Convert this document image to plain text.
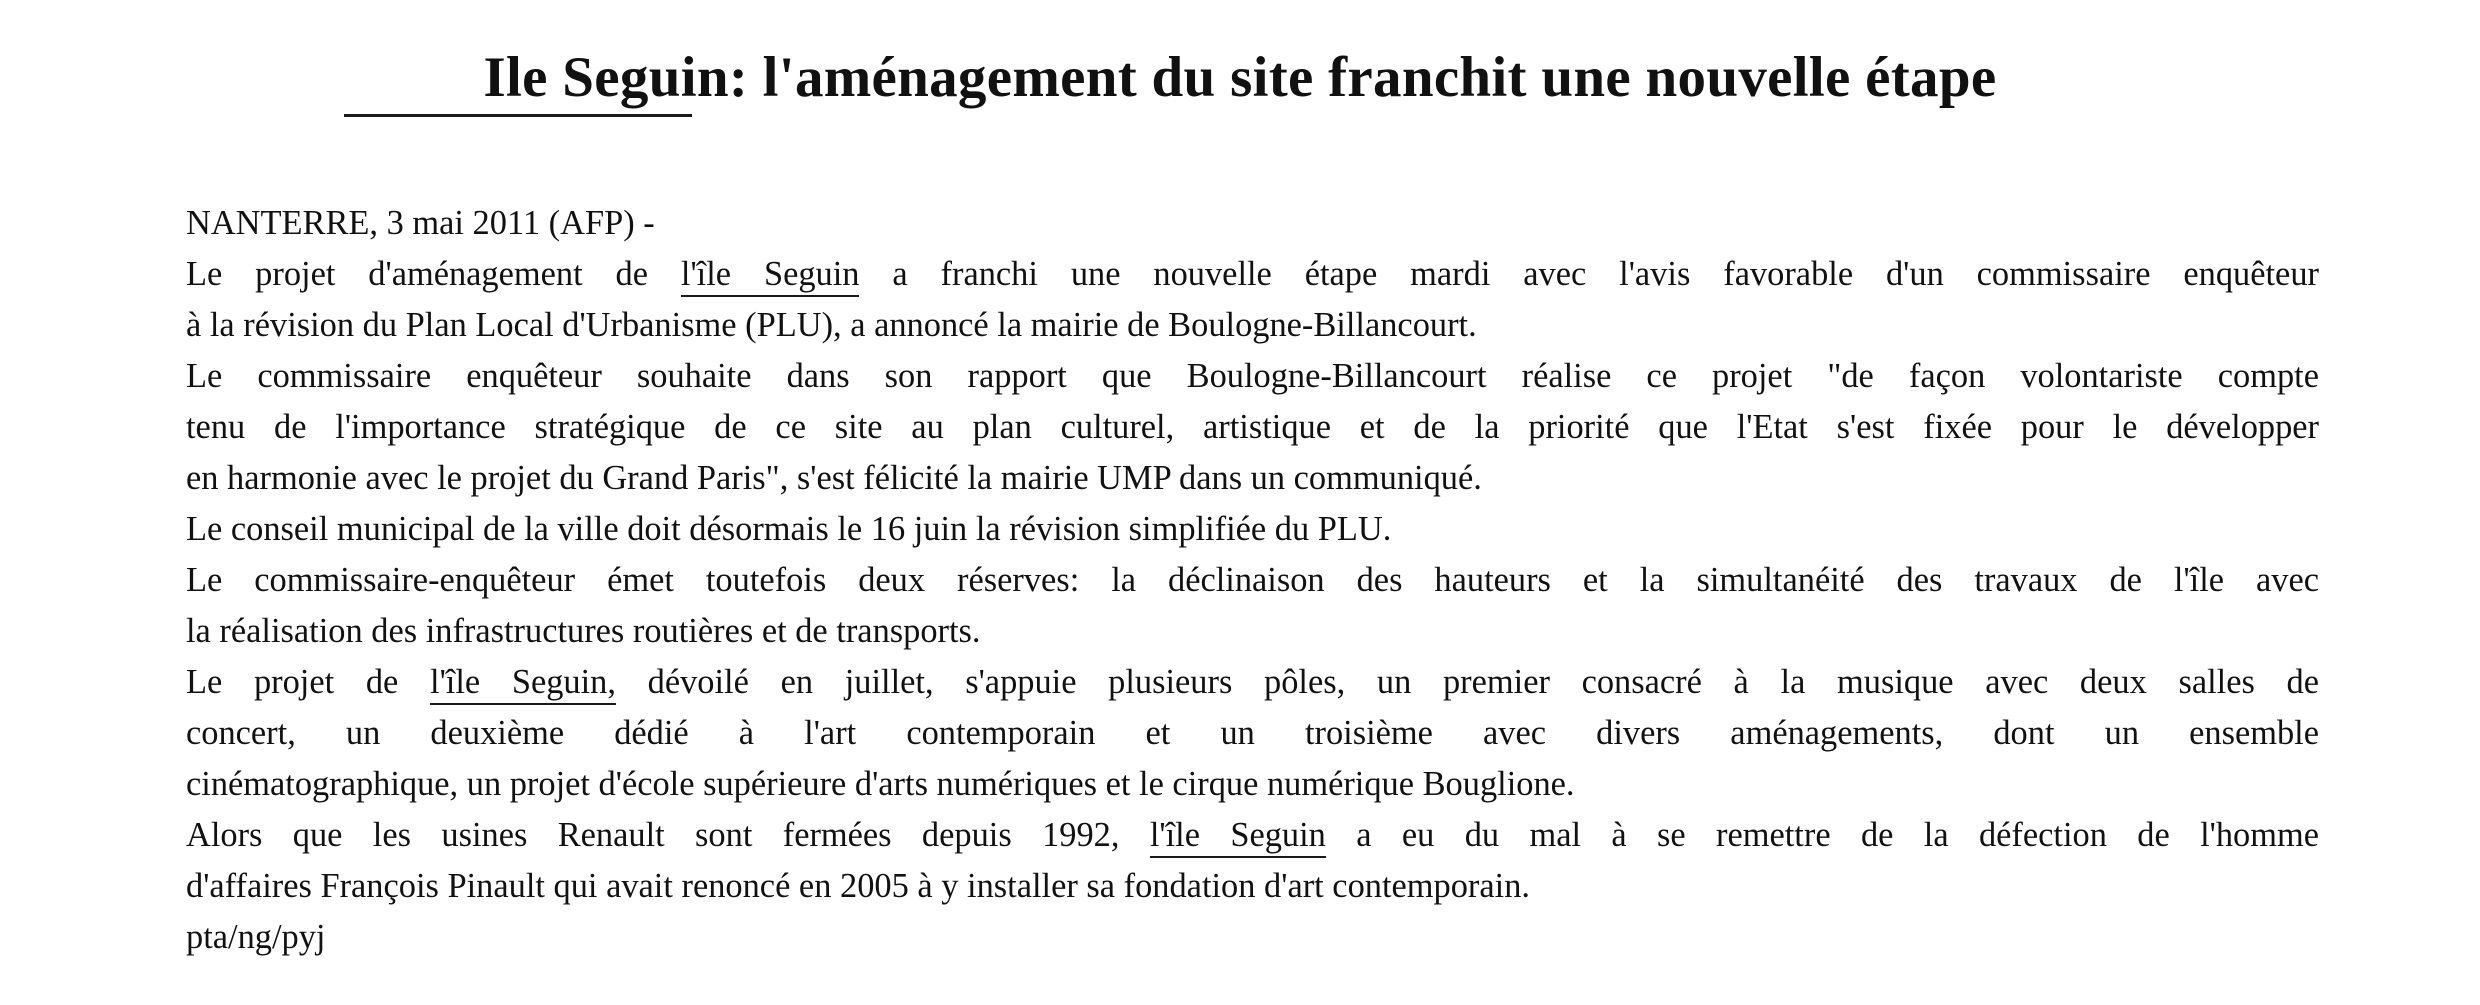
Ile Seguin: l'aménagement du site franchit une nouvelle étape

NANTERRE, 3 mai 2011 (AFP) -

Le projet d'aménagement de l'île Seguin a franchi une nouvelle étape mardi avec l'avis favorable d'un commissaire enquêteur
à la révision du Plan Local d'Urbanisme (PLU), a annoncé la mairie de Boulogne-Billancourt.

Le commissaire enquêteur souhaite dans son rapport que Boulogne-Billancourt réalise ce projet "de façon volontariste compte
tenu de l'importance stratégique de ce site au plan culturel, artistique et de la priorité que l'Etat s'est fixée pour le développer
en harmonie avec le projet du Grand Paris", s'est félicité la mairie UMP dans un communiqué.

Le conseil municipal de la ville doit désormais le 16 juin la révision simplifiée du PLU.

Le commissaire-enquêteur émet toutefois deux réserves: la déclinaison des hauteurs et la simultanéité des travaux de l'île avec
la réalisation des infrastructures routières et de transports.

Le projet de l'île Seguin, dévoilé en juillet, s'appuie plusieurs pôles, un premier consacré à la musique avec deux salles de
concert, un deuxième dédié à l'art contemporain et un troisième avec divers aménagements, dont un ensemble
cinématographique, un projet d'école supérieure d'arts numériques et le cirque numérique Bouglione.

Alors que les usines Renault sont fermées depuis 1992, l'île Seguin a eu du mal à se remettre de la défection de l'homme
d'affaires François Pinault qui avait renoncé en 2005 à y installer sa fondation d'art contemporain.

pta/ng/pyj
